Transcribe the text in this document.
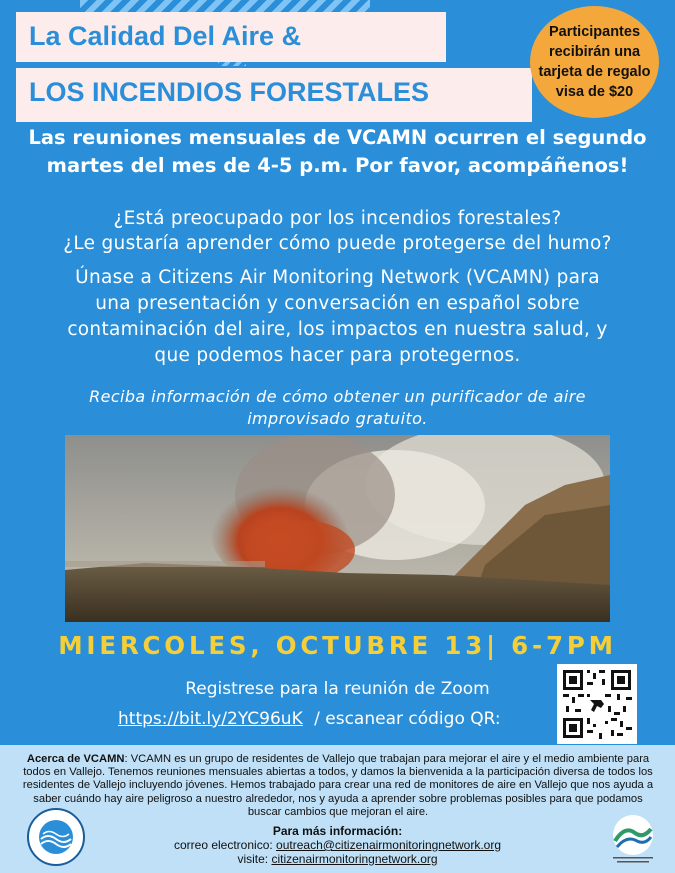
La Calidad Del Aire &
LOS INCENDIOS FORESTALES
Participantes recibirán una tarjeta de regalo visa de $20
Las reuniones mensuales de VCAMN ocurren el segundo
martes del mes de 4-5 p.m. Por favor, acompáñenos!
¿Está preocupado por los incendios forestales?
¿Le gustaría aprender cómo puede protegerse del humo?
Únase a Citizens Air Monitoring Network (VCAMN) para
una presentación y conversación en español sobre
contaminación del aire, los impactos en nuestra salud, y
que podemos hacer para protegernos.
Reciba información de cómo obtener un purificador de aire
improvisado gratuito.
MIERCOLES, OCTUBRE 13| 6-7PM
Registrese para la reunión de Zoom
https://bit.ly/2YC96uK / escanear código QR:
Acerca de VCAMN: VCAMN es un grupo de residentes de Vallejo que trabajan para mejorar el aire y el medio ambiente para todos en Vallejo. Tenemos reuniones mensuales abiertas a todos, y damos la bienvenida a la participación diversa de todos los residentes de Vallejo incluyendo jóvenes. Hemos trabajado para crear una red de monitores de aire en Vallejo que nos ayuda a saber cuándo hay aire peligroso a nuestro alrededor, nos y ayuda a aprender sobre problemas posibles para que podamos buscar cambios que mejoran el aire.
Para más información:
correo electronico: outreach@citizenairmonitoringnetwork.org
visite: citizenairmonitoringnetwork.org
